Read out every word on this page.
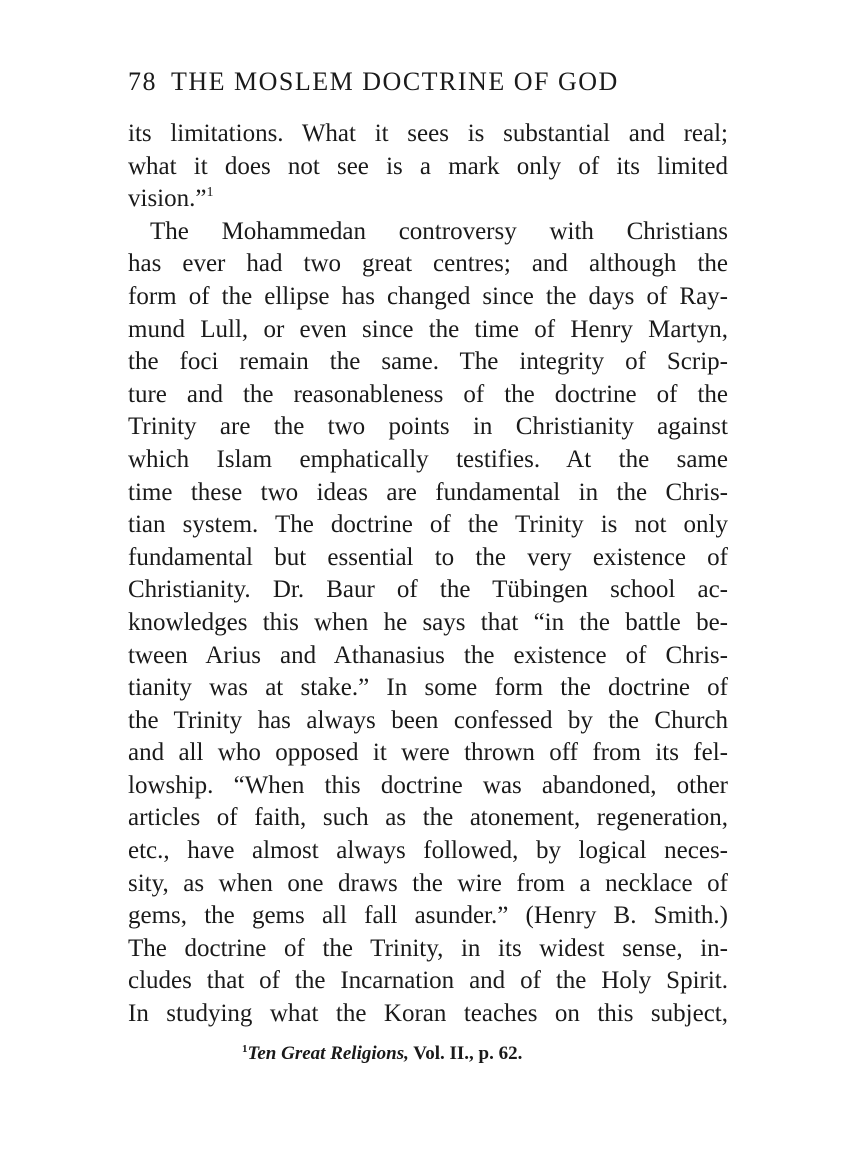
78 THE MOSLEM DOCTRINE OF GOD
its limitations. What it sees is substantial and real;
what it does not see is a mark only of its limited
vision.”$^1$
The Mohammedan controversy with Christians
has ever had two great centres; and although the
form of the ellipse has changed since the days of Ray-
mund Lull, or even since the time of Henry Martyn,
the foci remain the same. The integrity of Scrip-
ture and the reasonableness of the doctrine of the
Trinity are the two points in Christianity against
which Islam emphatically testifies. At the same
time these two ideas are fundamental in the Chris-
tian system. The doctrine of the Trinity is not only
fundamental but essential to the very existence of
Christianity. Dr. Baur of the Tübingen school ac-
knowledges this when he says that “in the battle be-
tween Arius and Athanasius the existence of Chris-
tianity was at stake.” In some form the doctrine of
the Trinity has always been confessed by the Church
and all who opposed it were thrown off from its fel-
lowship. “When this doctrine was abandoned, other
articles of faith, such as the atonement, regeneration,
etc., have almost always followed, by logical neces-
sity, as when one draws the wire from a necklace of
gems, the gems all fall asunder.” (Henry B. Smith.)
The doctrine of the Trinity, in its widest sense, in-
cludes that of the Incarnation and of the Holy Spirit.
In studying what the Koran teaches on this subject,
$^1$Ten Great Religions, Vol. II., p. 62.
